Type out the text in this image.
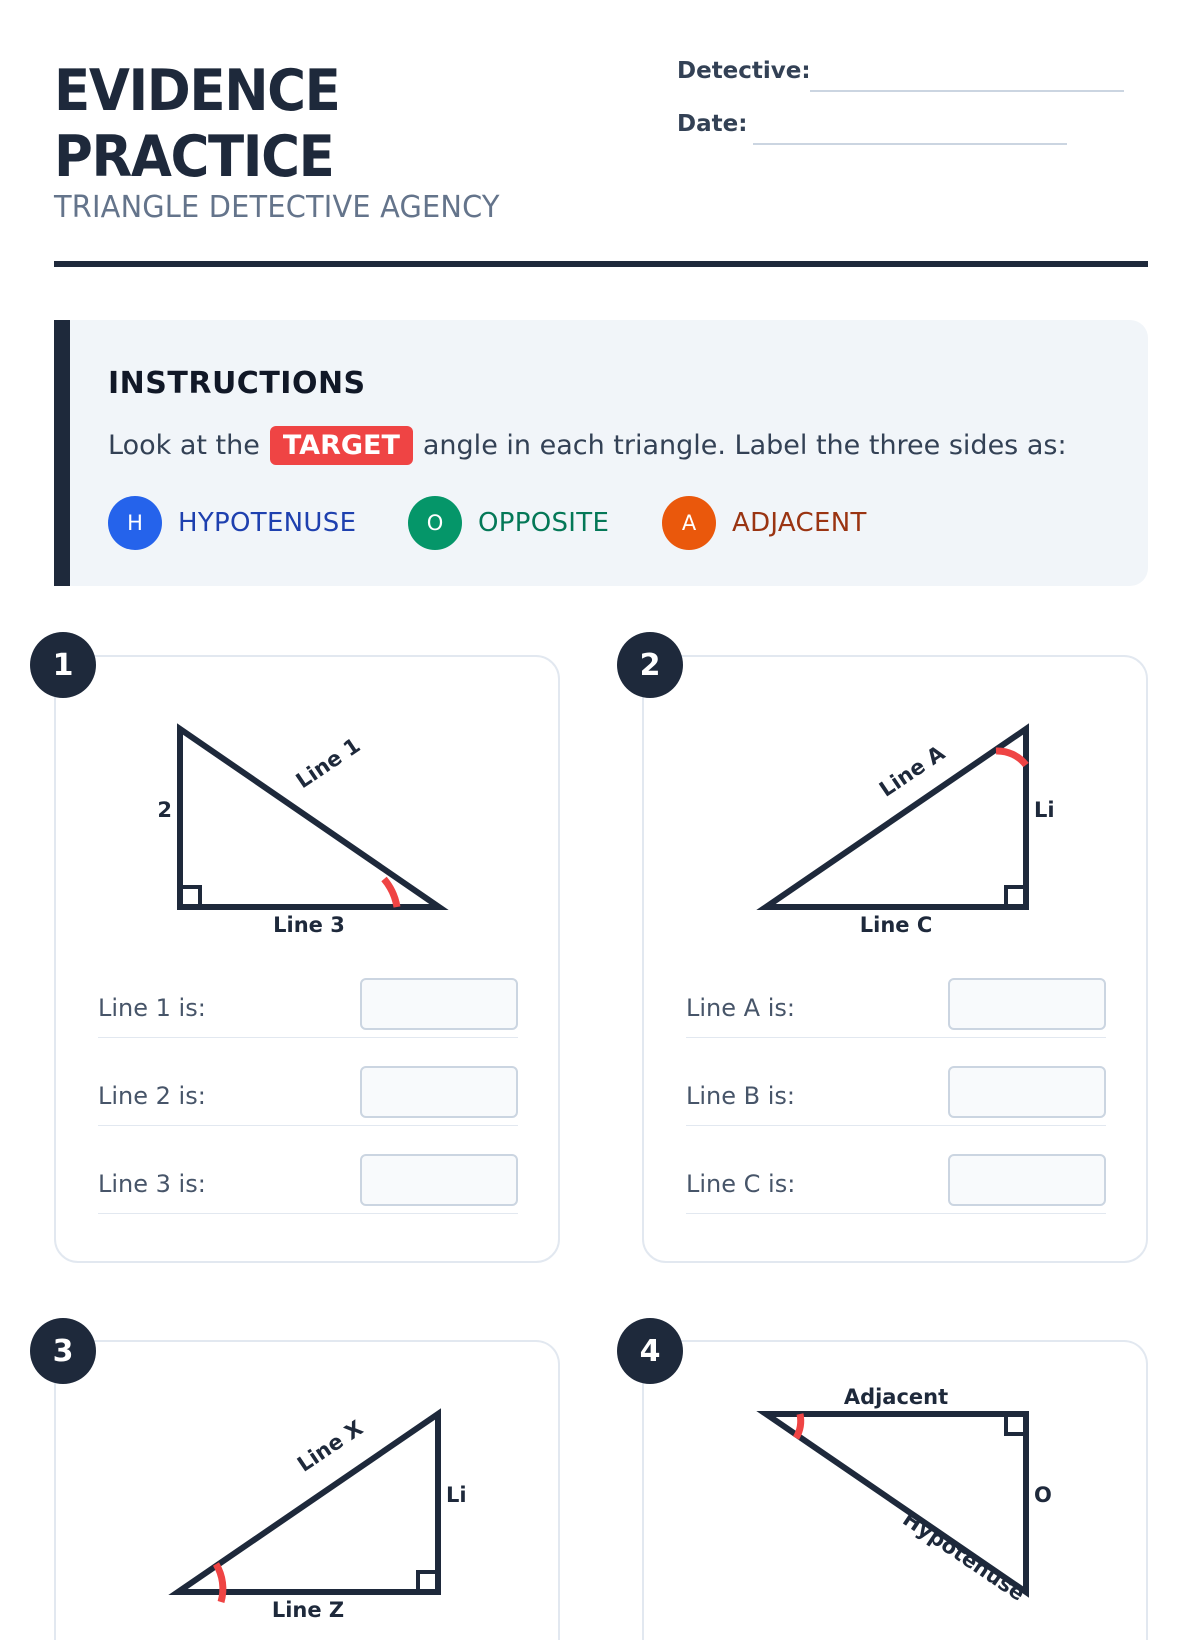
EVIDENCE
PRACTICE
TRIANGLE DETECTIVE AGENCY
Detective:
Date:
INSTRUCTIONS
Look at the TARGET angle in each triangle. Label the three sides as:
H	HYPOTENUSE	O	OPPOSITE	A	ADJACENT
Line 1
2
Line 3
Line 1 is:
Line 2 is:
Line 3 is:
1
Line A
Li
Line C
Line A is:
Line B is:
Line C is:
2
Line X
Li
Line Z
3
Adjacent
O
Hypotenuse
4
